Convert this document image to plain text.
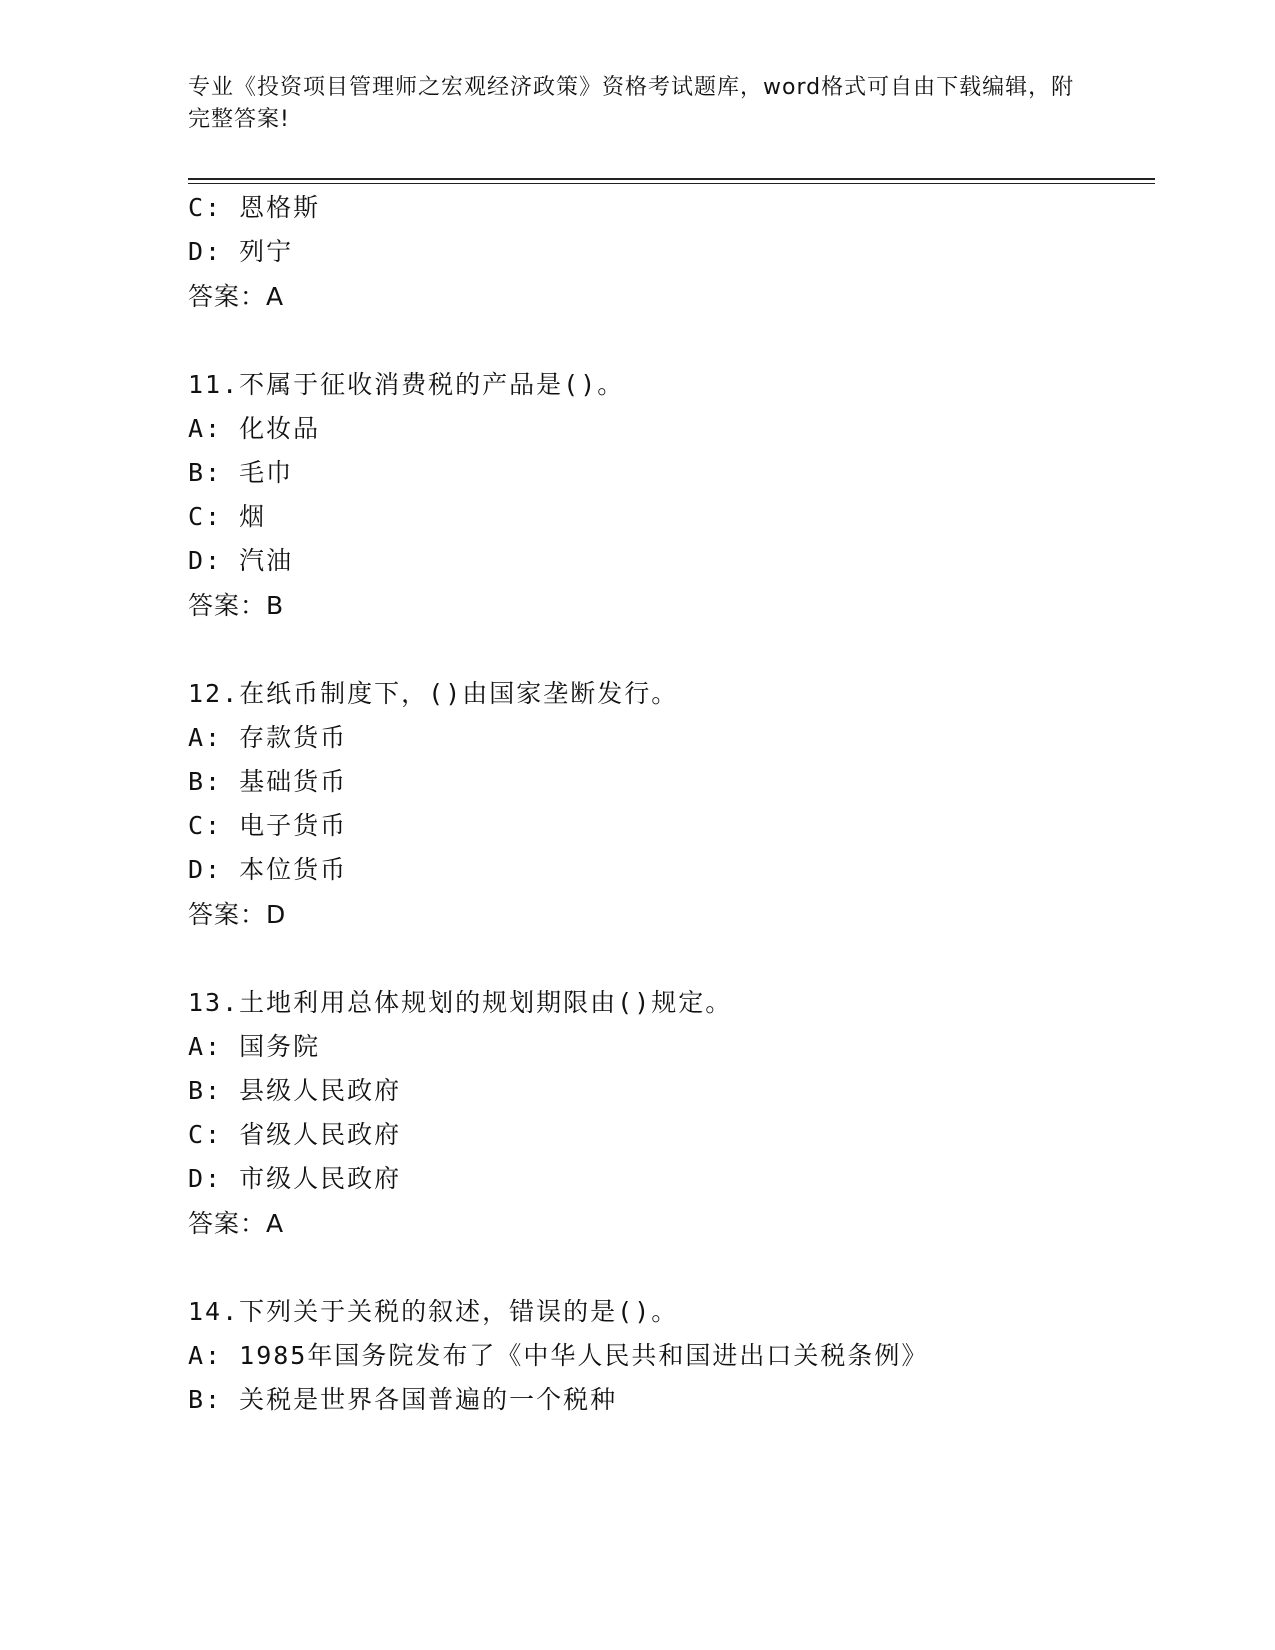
专业《投资项目管理师之宏观经济政策》资格考试题库，word格式可自由下载编辑，附完整答案!
C: 恩格斯
D: 列宁
答案：A
11.不属于征收消费税的产品是()。
A: 化妆品
B: 毛巾
C: 烟
D: 汽油
答案：B
12.在纸币制度下，()由国家垄断发行。
A: 存款货币
B: 基础货币
C: 电子货币
D: 本位货币
答案：D
13.土地利用总体规划的规划期限由()规定。
A: 国务院
B: 县级人民政府
C: 省级人民政府
D: 市级人民政府
答案：A
14.下列关于关税的叙述，错误的是()。
A: 1985年国务院发布了《中华人民共和国进出口关税条例》
B: 关税是世界各国普遍的一个税种
